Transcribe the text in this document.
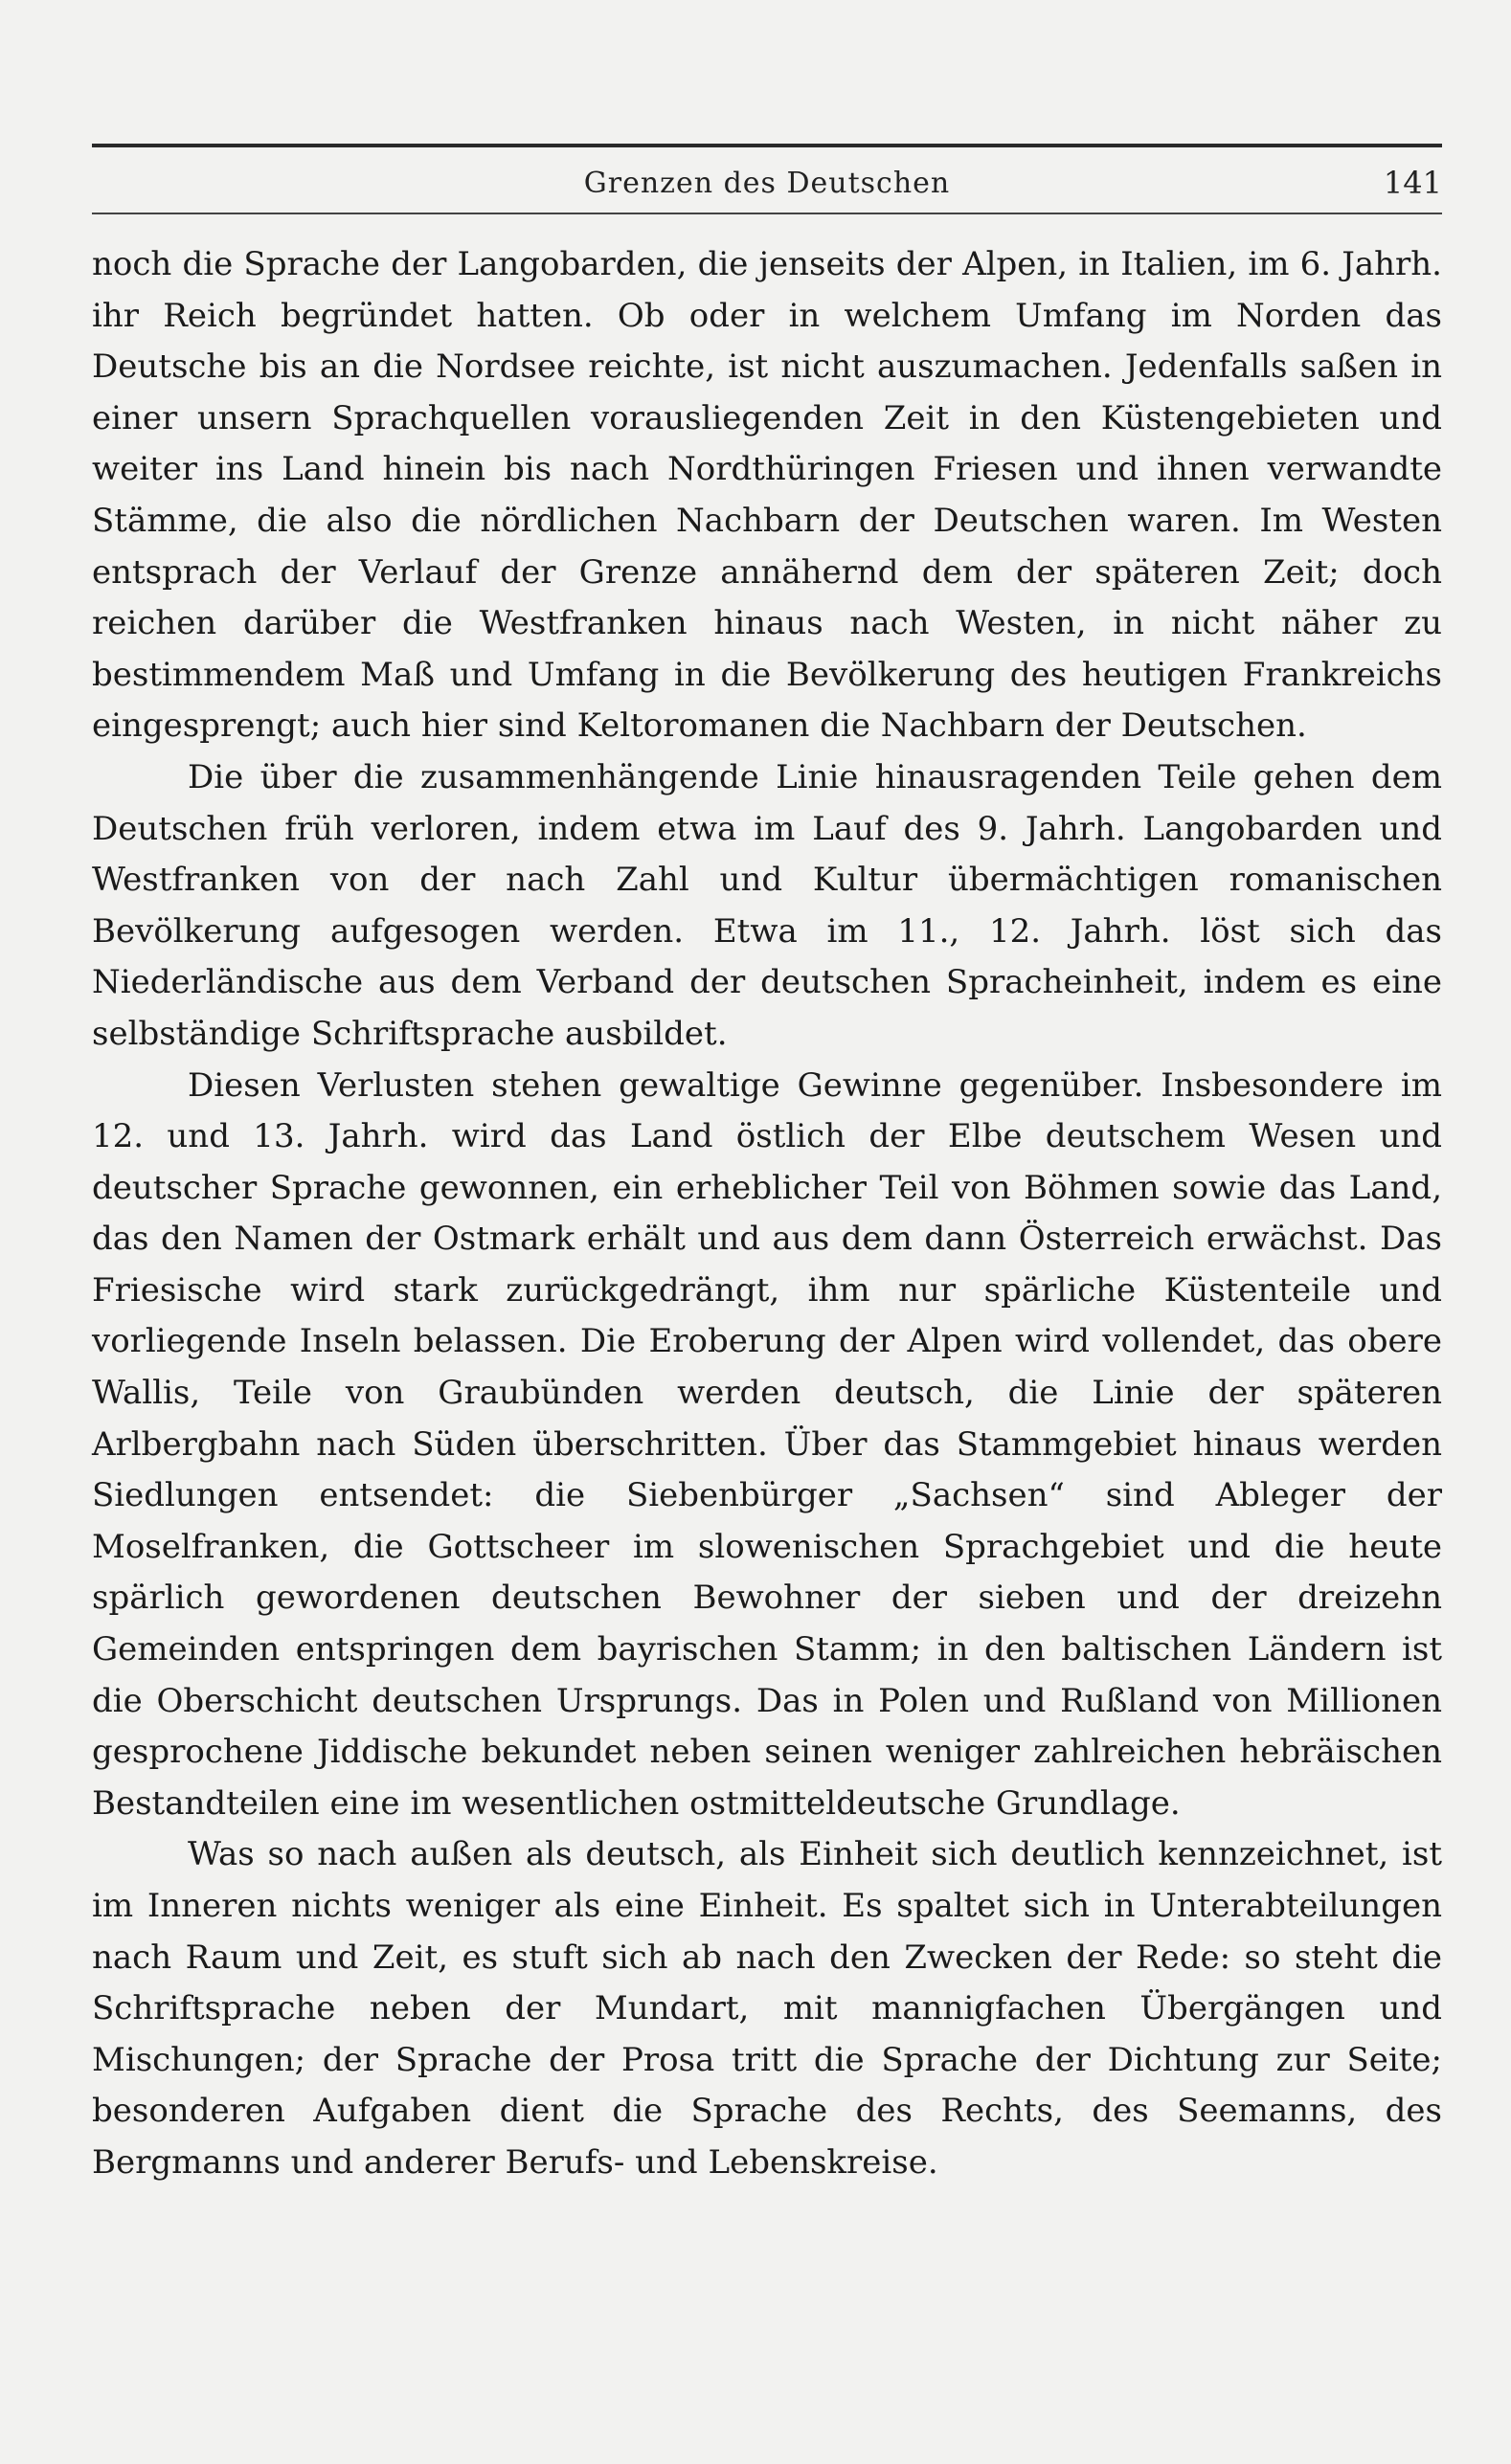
Grenzen des Deutschen	141

noch die Sprache der Langobarden, die jenseits der Alpen, in Italien, im 6. Jahrh. ihr Reich begründet hatten. Ob oder in welchem Umfang im Norden das Deutsche bis an die Nordsee reichte, ist nicht auszumachen. Jedenfalls saßen in einer unsern Sprachquellen vorausliegenden Zeit in den Küstengebieten und weiter ins Land hinein bis nach Nordthüringen Friesen und ihnen verwandte Stämme, die also die nördlichen Nachbarn der Deutschen waren. Im Westen entsprach der Verlauf der Grenze annähernd dem der späteren Zeit; doch reichen darüber die Westfranken hinaus nach Westen, in nicht näher zu bestimmendem Maß und Umfang in die Bevölkerung des heutigen Frankreichs eingesprengt; auch hier sind Keltoromanen die Nachbarn der Deutschen.

Die über die zusammenhängende Linie hinausragenden Teile gehen dem Deutschen früh verloren, indem etwa im Lauf des 9. Jahrh. Langobarden und Westfranken von der nach Zahl und Kultur übermächtigen romanischen Bevölkerung aufgesogen werden. Etwa im 11., 12. Jahrh. löst sich das Niederländische aus dem Verband der deutschen Spracheinheit, indem es eine selbständige Schriftsprache ausbildet.

Diesen Verlusten stehen gewaltige Gewinne gegenüber. Insbesondere im 12. und 13. Jahrh. wird das Land östlich der Elbe deutschem Wesen und deutscher Sprache gewonnen, ein erheblicher Teil von Böhmen sowie das Land, das den Namen der Ostmark erhält und aus dem dann Österreich erwächst. Das Friesische wird stark zurückgedrängt, ihm nur spärliche Küstenteile und vorliegende Inseln belassen. Die Eroberung der Alpen wird vollendet, das obere Wallis, Teile von Graubünden werden deutsch, die Linie der späteren Arlbergbahn nach Süden überschritten. Über das Stammgebiet hinaus werden Siedlungen entsendet: die Siebenbürger „Sachsen“ sind Ableger der Moselfranken, die Gottscheer im slowenischen Sprachgebiet und die heute spärlich gewordenen deutschen Bewohner der sieben und der dreizehn Gemeinden entspringen dem bayrischen Stamm; in den baltischen Ländern ist die Oberschicht deutschen Ursprungs. Das in Polen und Rußland von Millionen gesprochene Jiddische bekundet neben seinen weniger zahlreichen hebräischen Bestandteilen eine im wesentlichen ostmitteldeutsche Grundlage.

Was so nach außen als deutsch, als Einheit sich deutlich kennzeichnet, ist im Inneren nichts weniger als eine Einheit. Es spaltet sich in Unterabteilungen nach Raum und Zeit, es stuft sich ab nach den Zwecken der Rede: so steht die Schriftsprache neben der Mundart, mit mannigfachen Übergängen und Mischungen; der Sprache der Prosa tritt die Sprache der Dichtung zur Seite; besonderen Aufgaben dient die Sprache des Rechts, des Seemanns, des Bergmanns und anderer Berufs- und Lebenskreise.
